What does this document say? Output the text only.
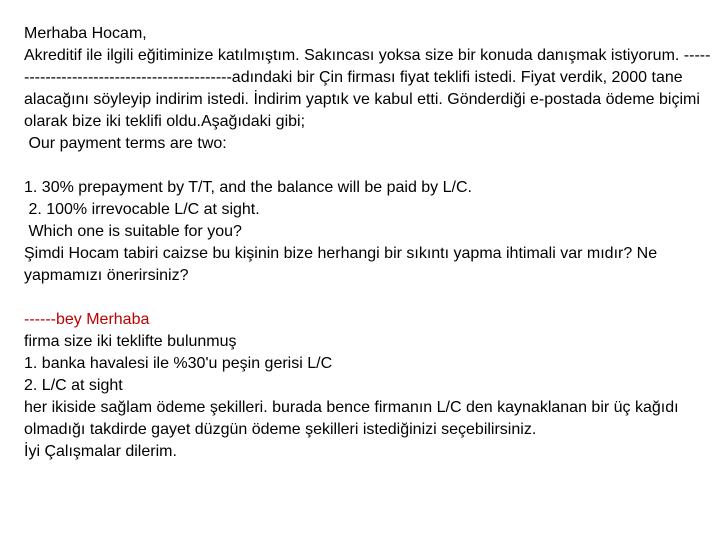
Merhaba Hocam,
Akreditif ile ilgili eğitiminize katılmıştım. Sakıncası yoksa size bir konuda danışmak istiyorum. --------------------------------------------adındaki bir Çin firması fiyat teklifi istedi. Fiyat verdik, 2000 tane alacağını söyleyip indirim istedi. İndirim yaptık ve kabul etti. Gönderdiği e-postada ödeme biçimi olarak bize iki teklifi oldu.Aşağıdaki gibi;
Our payment terms are two:
1. 30% prepayment by T/T, and the balance will be paid by L/C.
2. 100% irrevocable L/C at sight.
Which one is suitable for you?
Şimdi Hocam tabiri caizse bu kişinin bize herhangi bir sıkıntı yapma ihtimali var mıdır? Ne yapmamızı önerirsiniz?
------bey Merhaba
firma size iki teklifte bulunmuş
1. banka havalesi ile %30'u peşin gerisi L/C
2. L/C at sight
her ikiside sağlam ödeme şekilleri. burada bence firmanın L/C den kaynaklanan bir üç kağıdı olmadığı takdirde gayet düzgün ödeme şekilleri istediğinizi seçebilirsiniz.
İyi Çalışmalar dilerim.
